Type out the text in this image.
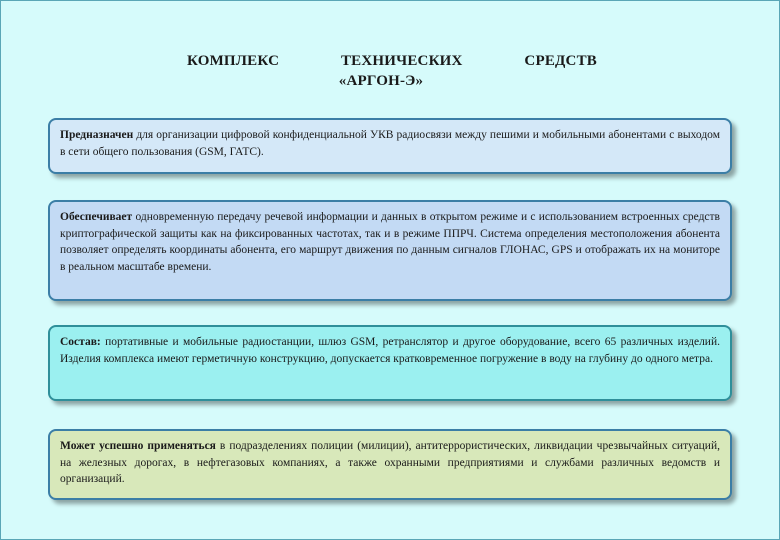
КОМПЛЕКС	ТЕХНИЧЕСКИХ	СРЕДСТВ
«АРГОН-Э»
Предназначен для организации цифровой конфиденциальной УКВ радиосвязи между пешими и мобильными абонентами с выходом в сети общего пользования (GSM, ГАТС).
Обеспечивает одновременную передачу речевой информации и данных в открытом режиме и с использованием встроенных средств криптографической защиты как на фиксированных частотах, так и в режиме ППРЧ. Система определения местоположения абонента позволяет определять координаты абонента, его маршрут движения по данным сигналов ГЛОНАС, GPS и отображать их на мониторе в реальном масштабе времени.
Состав: портативные и мобильные радиостанции, шлюз GSM, ретранслятор и другое оборудование, всего 65 различных изделий. Изделия комплекса имеют герметичную конструкцию, допускается кратковременное погружение в воду на глубину до одного метра.
Может успешно применяться в подразделениях полиции (милиции), антитеррористических, ликвидации чрезвычайных ситуаций, на железных дорогах, в нефтегазовых компаниях, а также охранными предприятиями и службами различных ведомств и организаций.
